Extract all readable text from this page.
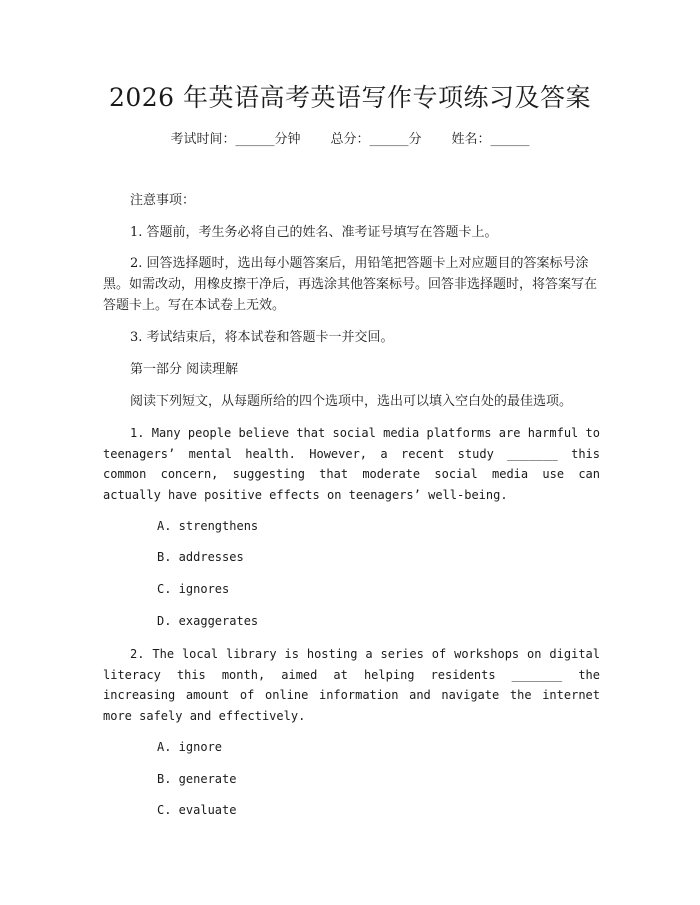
2026 年英语高考英语写作专项练习及答案
考试时间：______分钟 总分：______分 姓名：______
注意事项：
1. 答题前，考生务必将自己的姓名、准考证号填写在答题卡上。
2. 回答选择题时，选出每小题答案后，用铅笔把答题卡上对应题目的答案标号涂黑。如需改动，用橡皮擦干净后，再选涂其他答案标号。回答非选择题时，将答案写在答题卡上。写在本试卷上无效。
3. 考试结束后，将本试卷和答题卡一并交回。
第一部分 阅读理解
阅读下列短文，从每题所给的四个选项中，选出可以填入空白处的最佳选项。
1. Many people believe that social media platforms are harmful to teenagers’ mental health. However, a recent study _______ this common concern, suggesting that moderate social media use can actually have positive effects on teenagers’ well-being.
A. strengthens
B. addresses
C. ignores
D. exaggerates
2. The local library is hosting a series of workshops on digital literacy this month, aimed at helping residents _______ the increasing amount of online information and navigate the internet more safely and effectively.
A. ignore
B. generate
C. evaluate
